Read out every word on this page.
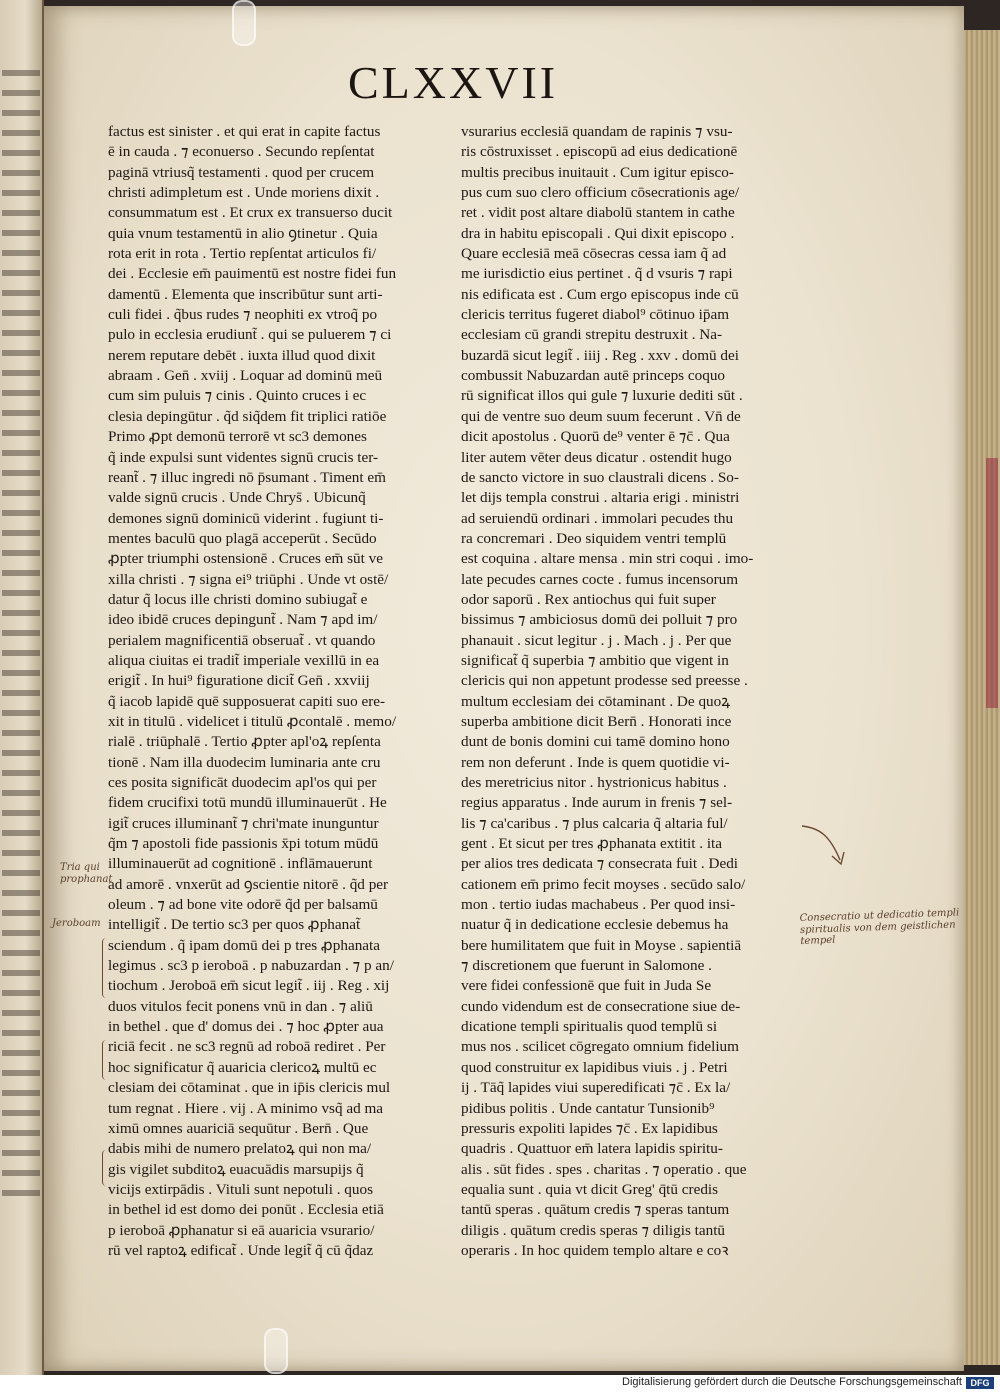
CLXXVII
factus est sinister . et qui erat in capite factus
ē in cauda . ⁊ econuerso . Secundo repſentat
paginā vtriusq̃ testamenti . quod per crucem
christi adimpletum est . Unde moriens dixit .
consummatum est . Et crux ex transuerso ducit
quia vnum testamentū in alio ꝯtinetur . Quia
rota erit in rota . Tertio repſentat articulos fi/
dei . Ecclesie em̄ pauimentū est nostre fidei fun
damentū . Elementa que inscribūtur sunt arti-
culi fidei . q̃bus rudes ⁊ neophiti ex vtroq̃ po
pulo in ecclesia erudiunt̃ . qui se puluerem ⁊ ci
nerem reputare debēt . iuxta illud quod dixit
abraam . Gen̄ . xviij . Loquar ad dominū meū
cum sim puluis ⁊ cinis . Quinto cruces i ec
clesia depingūtur . q̃d siq̃dem fit triplici ratiōe
Primo ꝓpt demonū terrorē vt sc3 demones
q̃ inde expulsi sunt videntes signū crucis ter-
reant̃ . ⁊ illuc ingredi nō p̄sumant . Timent em̄
valde signū crucis . Unde Chrys̄ . Ubicunq̃
demones signū dominicū viderint . fugiunt ti-
mentes baculū quo plagā acceperūt . Secūdo
ꝓpter triumphi ostensionē . Cruces em̄ sūt ve
xilla christi . ⁊ signa ei⁹ triūphi . Unde vt ostē/
datur q̃ locus ille christi domino subiugat̃ e
ideo ibidē cruces depingunt̃ . Nam ⁊ apd im/
perialem magnificentiā obseruat̃ . vt quando
aliqua ciuitas ei tradit̃ imperiale vexillū in ea
erigit̃ . In hui⁹ figuratione dicit̃ Gen̄ . xxviij
q̃ iacob lapidē quē supposuerat capiti suo ere-
xit in titulū . videlicet i titulū ꝓcontalē . memo/
rialē . triūphalē . Tertio ꝓpter apl'oꝝ repſenta
tionē . Nam illa duodecim luminaria ante cru
ces posita significāt duodecim apl'os qui per
fidem crucifixi totū mundū illuminauerūt . He
igit̃ cruces illuminant̃ ⁊ chri'mate inunguntur
q̃m ⁊ apostoli fide passionis x̄pi totum mūdū
illuminauerūt ad cognitionē . inflāmauerunt
ad amorē . vnxerūt ad ꝯscientie nitorē . q̃d per
oleum . ⁊ ad bone vite odorē q̃d per balsamū
intelligit̃ . De tertio sc3 per quos ꝓphanat̃
sciendum . q̃ ipam domū dei p tres ꝓphanata
legimus . sc3 p ieroboā . p nabuzardan . ⁊ p an/
tiochum . Jeroboā em̄ sicut legit̃ . iij . Reg . xij
duos vitulos fecit ponens vnū in dan . ⁊ aliū
in bethel . que d' domus dei . ⁊ hoc ꝓpter aua
riciā fecit . ne sc3 regnū ad roboā rediret . Per
hoc significatur q̃ auaricia clericoꝝ multū ec
clesiam dei cōtaminat . que in ip̄is clericis mul
tum regnat . Hiere . vij . A minimo vsq̃ ad ma
ximū omnes auariciā sequūtur . Bern̄ . Que
dabis mihi de numero prelatoꝝ qui non ma/
gis vigilet subditoꝝ euacuādis marsupijs q̃
vicijs extirpādis . Vituli sunt nepotuli . quos
in bethel id est domo dei ponūt . Ecclesia etiā
p ieroboā ꝓphanatur si eā auaricia vsurario/
rū vel raptoꝝ edificat̃ . Unde legit̃ q̃ cū q̃daz
vsurarius ecclesiā quandam de rapinis ⁊ vsu-
ris cōstruxisset . episcopū ad eius dedicationē
multis precibus inuitauit . Cum igitur episco-
pus cum suo clero officium cōsecrationis age/
ret . vidit post altare diabolū stantem in cathe
dra in habitu episcopali . Qui dixit episcopo .
Quare ecclesiā meā cōsecras cessa iam q̃ ad
me iurisdictio eius pertinet . q̃ d vsuris ⁊ rapi
nis edificata est . Cum ergo episcopus inde cū
clericis territus fugeret diabol⁹ cōtinuo ip̄am
ecclesiam cū grandi strepitu destruxit . Na-
buzardā sicut legit̃ . iiij . Reg . xxv . domū dei
combussit Nabuzardan autē princeps coquo
rū significat illos qui gule ⁊ luxurie dediti sūt .
qui de ventre suo deum suum fecerunt . Vn̄ de
dicit apostolus . Quorū de⁹ venter ē ⁊c̄ . Qua
liter autem vēter deus dicatur . ostendit hugo
de sancto victore in suo claustrali dicens . So-
let dijs templa construi . altaria erigi . ministri
ad seruiendū ordinari . immolari pecudes thu
ra concremari . Deo siquidem ventri templū
est coquina . altare mensa . min stri coqui . imo-
late pecudes carnes cocte . fumus incensorum
odor saporū . Rex antiochus qui fuit super
bissimus ⁊ ambiciosus domū dei polluit ⁊ pro
phanauit . sicut legitur . j . Mach . j . Per que
significat̃ q̃ superbia ⁊ ambitio que vigent in
clericis qui non appetunt prodesse sed preesse .
multum ecclesiam dei cōtaminant . De quoꝝ
superba ambitione dicit Bern̄ . Honorati ince
dunt de bonis domini cui tamē domino hono
rem non deferunt . Inde is quem quotidie vi-
des meretricius nitor . hystrionicus habitus .
regius apparatus . Inde aurum in frenis ⁊ sel-
lis ⁊ ca'caribus . ⁊ plus calcaria q̃ altaria ful/
gent . Et sicut per tres ꝓphanata extitit . ita
per alios tres dedicata ⁊ consecrata fuit . Dedi
cationem em̄ primo fecit moyses . secūdo salo/
mon . tertio iudas machabeus . Per quod insi-
nuatur q̃ in dedicatione ecclesie debemus ha
bere humilitatem que fuit in Moyse . sapientiā
⁊ discretionem que fuerunt in Salomone .
vere fidei confessionē que fuit in Juda Se
cundo videndum est de consecratione siue de-
dicatione templi spiritualis quod templū si
mus nos . scilicet cōgregato omnium fidelium
quod construitur ex lapidibus viuis . j . Petri
ij . Tāq̃ lapides viui superedificati ⁊c̄ . Ex la/
pidibus politis . Unde cantatur Tunsionib⁹
pressuris expoliti lapides ⁊c̄ . Ex lapidibus
quadris . Quattuor em̄ latera lapidis spiritu-
alis . sūt fides . spes . charitas . ⁊ operatio . que
equalia sunt . quia vt dicit Greg' q̄tū credis
tantū speras . quātum credis ⁊ speras tantum
diligis . quātum credis speras ⁊ diligis tantū
operaris . In hoc quidem templo altare e coꝛ
Tria qui prophanat
Jeroboam	Consecratio ut dedicatio templi spiritualis von dem geistlichen tempel
Digitalisierung gefördert durch die Deutsche Forschungsgemeinschaft DFG
